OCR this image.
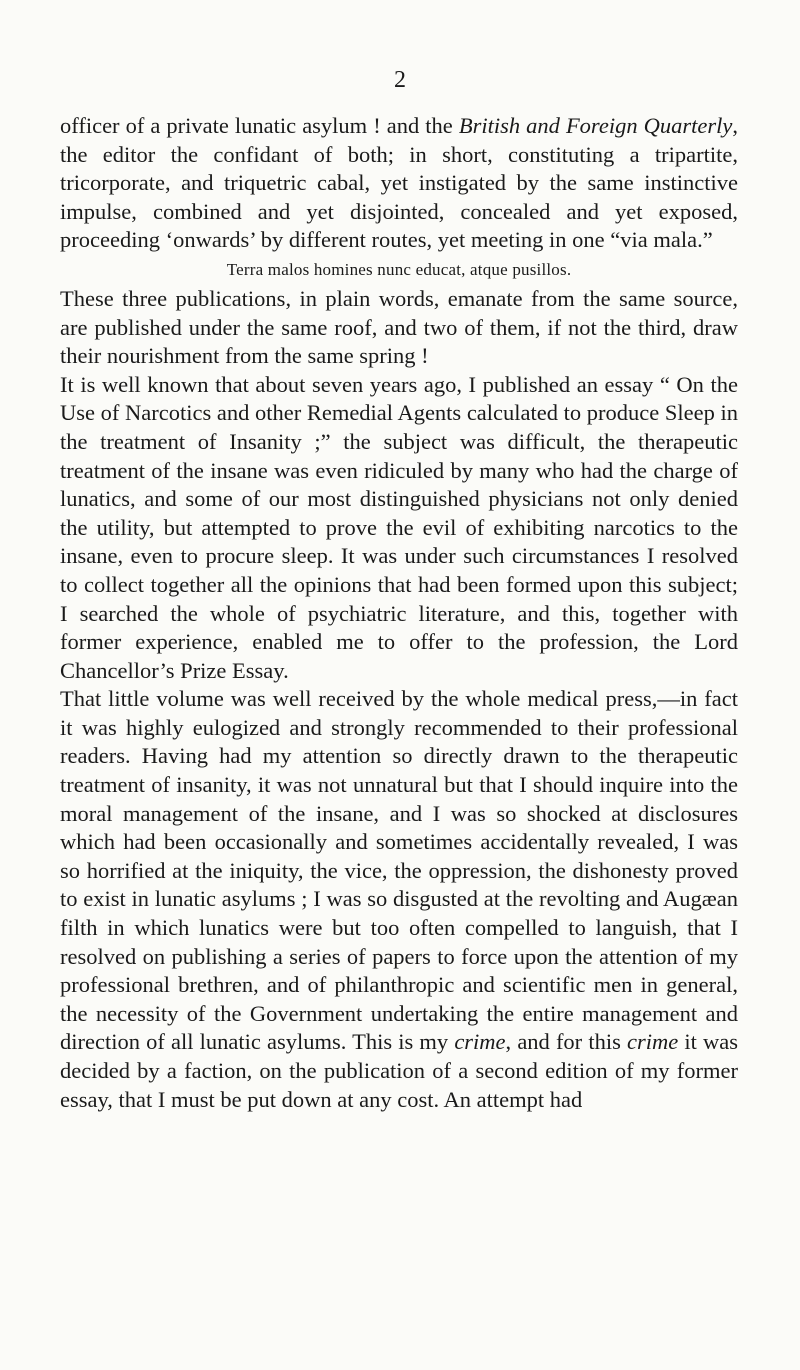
2

officer of a private lunatic asylum ! and the British and Foreign Quarterly, the editor the confidant of both; in short, constituting a tripartite, tricorporate, and triquetric cabal, yet instigated by the same instinctive impulse, combined and yet disjointed, concealed and yet exposed, proceeding ‘onwards’ by different routes, yet meeting in one “via mala.”

Terra malos homines nunc educat, atque pusillos.

These three publications, in plain words, emanate from the same source, are published under the same roof, and two of them, if not the third, draw their nourishment from the same spring !

It is well known that about seven years ago, I published an essay “ On the Use of Narcotics and other Remedial Agents calculated to produce Sleep in the treatment of Insanity ;” the subject was difficult, the therapeutic treatment of the insane was even ridiculed by many who had the charge of lunatics, and some of our most distinguished physicians not only denied the utility, but attempted to prove the evil of exhibiting narcotics to the insane, even to procure sleep. It was under such circumstances I resolved to collect together all the opinions that had been formed upon this subject; I searched the whole of psychiatric literature, and this, together with former experience, enabled me to offer to the profession, the Lord Chancellor’s Prize Essay.

That little volume was well received by the whole medical press,—in fact it was highly eulogized and strongly recommended to their professional readers. Having had my attention so directly drawn to the therapeutic treatment of insanity, it was not unnatural but that I should inquire into the moral management of the insane, and I was so shocked at disclosures which had been occasionally and sometimes accidentally revealed, I was so horrified at the iniquity, the vice, the oppression, the dishonesty proved to exist in lunatic asylums ; I was so disgusted at the revolting and Augæan filth in which lunatics were but too often compelled to languish, that I resolved on publishing a series of papers to force upon the attention of my professional brethren, and of philanthropic and scientific men in general, the necessity of the Government undertaking the entire management and direction of all lunatic asylums. This is my crime, and for this crime it was decided by a faction, on the publication of a second edition of my former essay, that I must be put down at any cost. An attempt had
